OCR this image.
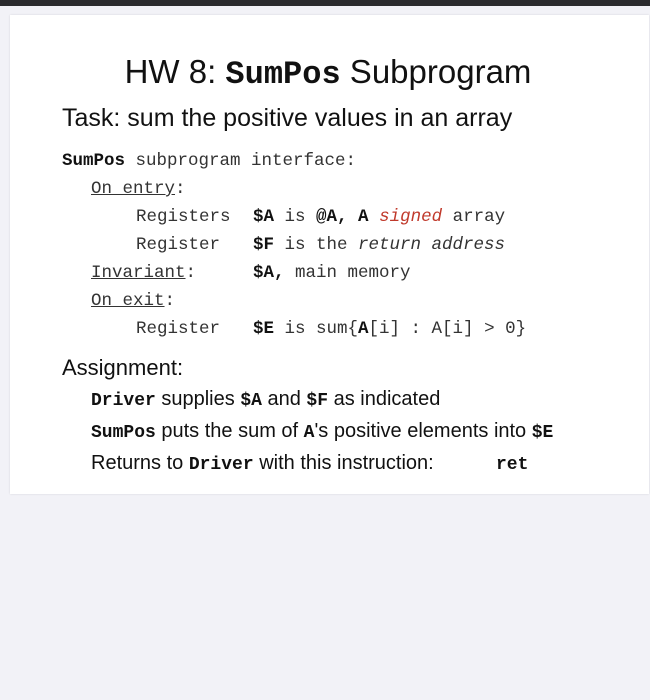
HW 8: SumPos Subprogram
Task: sum the positive values in an array
SumPos subprogram interface:
On entry:
Registers $A is @A, A signed array
Register $F is the return address
Invariant:	$A, main memory
On exit:
Register $E is sum{A[i] : A[i] > 0}
Assignment:
Driver supplies $A and $F as indicated
SumPos puts the sum of A's positive elements into $E
Returns to Driver with this instruction:	ret
